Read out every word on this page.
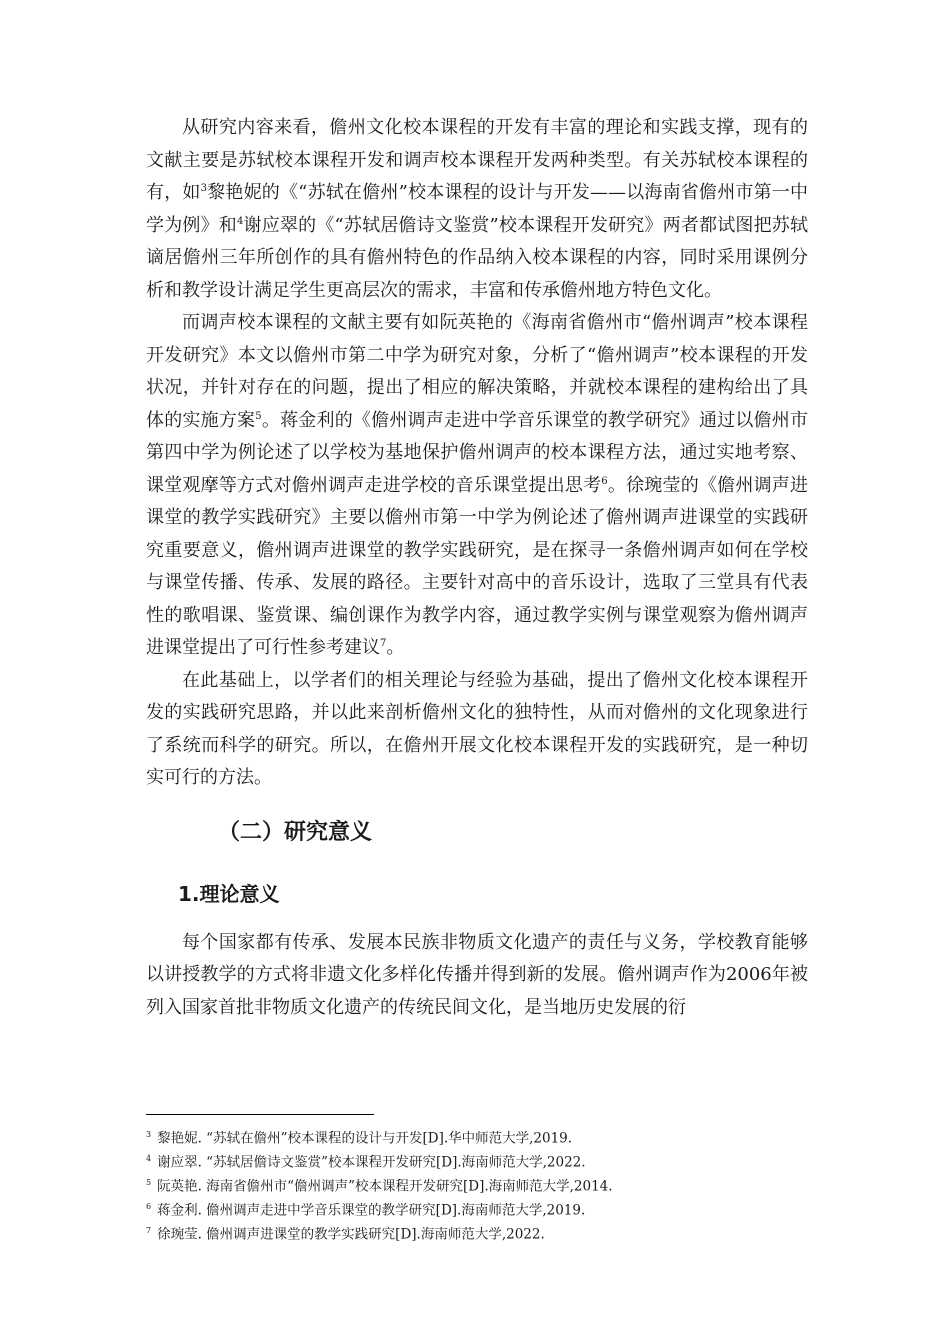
从研究内容来看，儋州文化校本课程的开发有丰富的理论和实践支撑，现有的文献主要是苏轼校本课程开发和调声校本课程开发两种类型。有关苏轼校本课程的有，如$^3$黎艳妮的《“苏轼在儋州”校本课程的设计与开发——以海南省儋州市第一中学为例》和$^4$谢应翠的《“苏轼居儋诗文鉴赏”校本课程开发研究》两者都试图把苏轼谪居儋州三年所创作的具有儋州特色的作品纳入校本课程的内容，同时采用课例分析和教学设计满足学生更高层次的需求，丰富和传承儋州地方特色文化。

而调声校本课程的文献主要有如阮英艳的《海南省儋州市“儋州调声”校本课程开发研究》本文以儋州市第二中学为研究对象，分析了“儋州调声”校本课程的开发状况，并针对存在的问题，提出了相应的解决策略，并就校本课程的建构给出了具体的实施方案$^5$。蒋金利的《儋州调声走进中学音乐课堂的教学研究》通过以儋州市第四中学为例论述了以学校为基地保护儋州调声的校本课程方法，通过实地考察、课堂观摩等方式对儋州调声走进学校的音乐课堂提出思考$^6$。徐琬莹的《儋州调声进课堂的教学实践研究》主要以儋州市第一中学为例论述了儋州调声进课堂的实践研究重要意义，儋州调声进课堂的教学实践研究，是在探寻一条儋州调声如何在学校与课堂传播、传承、发展的路径。主要针对高中的音乐设计，选取了三堂具有代表性的歌唱课、鉴赏课、编创课作为教学内容，通过教学实例与课堂观察为儋州调声进课堂提出了可行性参考建议$^7$。

在此基础上，以学者们的相关理论与经验为基础，提出了儋州文化校本课程开发的实践研究思路，并以此来剖析儋州文化的独特性，从而对儋州的文化现象进行了系统而科学的研究。所以，在儋州开展文化校本课程开发的实践研究，是一种切实可行的方法。

（二）研究意义
1.理论意义

每个国家都有传承、发展本民族非物质文化遗产的责任与义务，学校教育能够以讲授教学的方式将非遗文化多样化传播并得到新的发展。儋州调声作为2006年被列入国家首批非物质文化遗产的传统民间文化，是当地历史发展的衍

$^3$ 黎艳妮. “苏轼在儋州”校本课程的设计与开发[D].华中师范大学,2019.
$^4$ 谢应翠. “苏轼居儋诗文鉴赏”校本课程开发研究[D].海南师范大学,2022.
$^5$ 阮英艳. 海南省儋州市“儋州调声”校本课程开发研究[D].海南师范大学,2014.
$^6$ 蒋金利. 儋州调声走进中学音乐课堂的教学研究[D].海南师范大学,2019.
$^7$ 徐琬莹. 儋州调声进课堂的教学实践研究[D].海南师范大学,2022.
